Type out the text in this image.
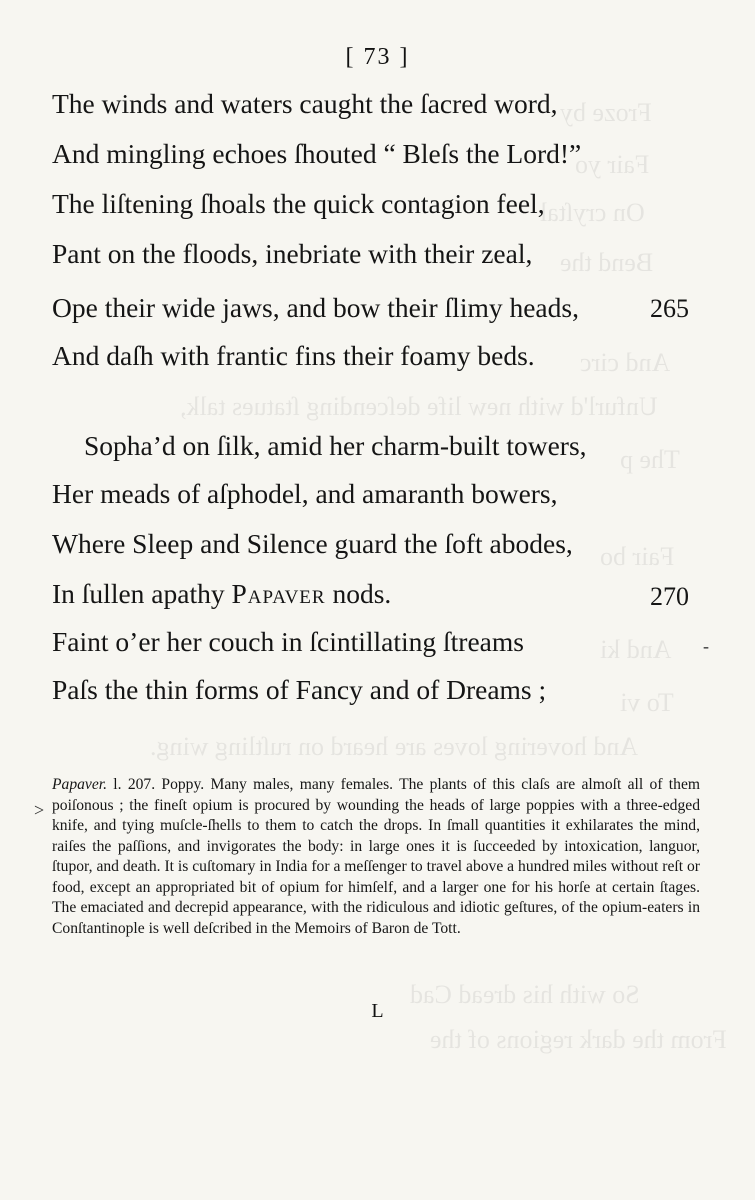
Froze by
Fair yo
On cryſtal
Bend the
And circ
Unfurl'd with new life deſcending ſtatues talk,
The p
Fair bo
And ki
To vi
And hovering loves are heard on ruſtling wing.
So with his dread Cad
From the dark regions of the
[ 73 ]
The winds and waters caught the ſacred word,
And mingling echoes ſhouted “ Bleſs the Lord!”
The liſtening ſhoals the quick contagion feel,
Pant on the floods, inebriate with their zeal,
Ope their wide jaws, and bow their ſlimy heads,	265
And daſh with frantic fins their foamy beds.
Sopha’d on ſilk, amid her charm-built towers,
Her meads of aſphodel, and amaranth bowers,
Where Sleep and Silence guard the ſoft abodes,
In ſullen apathy Papaver nods.	270
Faint o’er her couch in ſcintillating ſtreams
Paſs the thin forms of Fancy and of Dreams ;
-
>
Papaver. l. 207. Poppy. Many males, many females. The plants of this claſs are almoſt all of them poiſonous ; the fineſt opium is procured by wounding the heads of large poppies with a three-edged knife, and tying muſcle-ſhells to them to catch the drops. In ſmall quantities it exhilarates the mind, raiſes the paſſions, and invigorates the body: in large ones it is ſucceeded by intoxication, languor, ſtupor, and death. It is cuſtomary in India for a meſſenger to travel above a hundred miles without reſt or food, except an appropriated bit of opium for himſelf, and a larger one for his horſe at certain ſtages. The emaciated and decrepid appearance, with the ridiculous and idiotic geſtures, of the opium-eaters in Conſtantinople is well deſcribed in the Memoirs of Baron de Tott.
L
